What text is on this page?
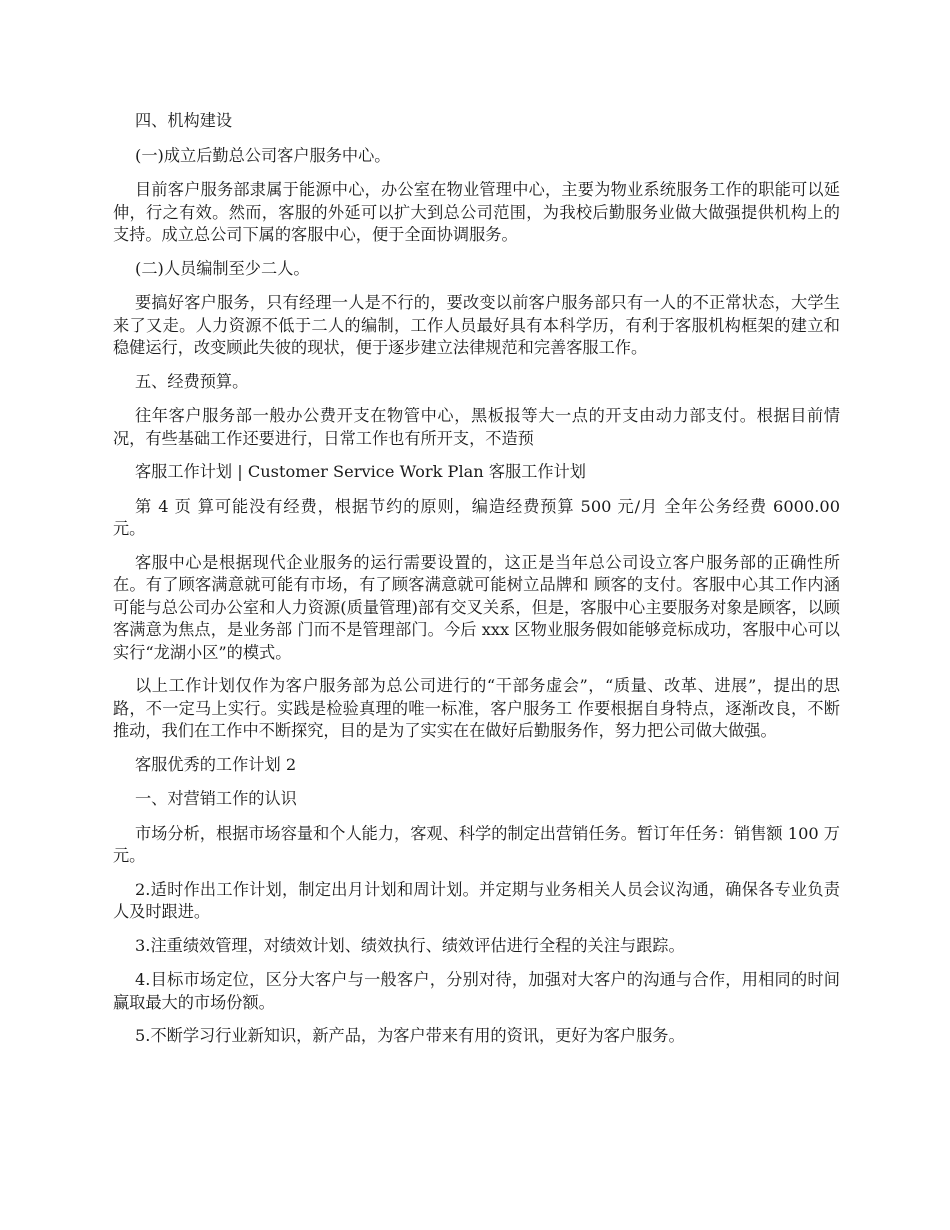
四、机构建设

(一)成立后勤总公司客户服务中心。

目前客户服务部隶属于能源中心，办公室在物业管理中心，主要为物业系统服务工作的职能可以延伸，行之有效。然而，客服的外延可以扩大到总公司范围，为我校后勤服务业做大做强提供机构上的支持。成立总公司下属的客服中心，便于全面协调服务。

(二)人员编制至少二人。

要搞好客户服务，只有经理一人是不行的，要改变以前客户服务部只有一人的不正常状态，大学生来了又走。人力资源不低于二人的编制，工作人员最好具有本科学历，有利于客服机构框架的建立和稳健运行，改变顾此失彼的现状，便于逐步建立法律规范和完善客服工作。

五、经费预算。

往年客户服务部一般办公费开支在物管中心，黑板报等大一点的开支由动力部支付。根据目前情况，有些基础工作还要进行，日常工作也有所开支，不造预

客服工作计划 | Customer Service Work Plan 客服工作计划

第 4 页 算可能没有经费，根据节约的原则，编造经费预算 500 元/月 全年公务经费 6000.00 元。

客服中心是根据现代企业服务的运行需要设置的，这正是当年总公司设立客户服务部的正确性所在。有了顾客满意就可能有市场，有了顾客满意就可能树立品牌和 顾客的支付。客服中心其工作内涵可能与总公司办公室和人力资源(质量管理)部有交叉关系，但是，客服中心主要服务对象是顾客，以顾客满意为焦点，是业务部 门而不是管理部门。今后 xxx 区物业服务假如能够竞标成功，客服中心可以实行“龙湖小区”的模式。

以上工作计划仅作为客户服务部为总公司进行的“干部务虚会”，“质量、改革、进展”，提出的思路，不一定马上实行。实践是检验真理的唯一标准，客户服务工 作要根据自身特点，逐渐改良，不断推动，我们在工作中不断探究，目的是为了实实在在做好后勤服务作，努力把公司做大做强。

客服优秀的工作计划 2

一、对营销工作的认识

市场分析，根据市场容量和个人能力，客观、科学的制定出营销任务。暂订年任务：销售额 100 万元。

2.适时作出工作计划，制定出月计划和周计划。并定期与业务相关人员会议沟通，确保各专业负责人及时跟进。

3.注重绩效管理，对绩效计划、绩效执行、绩效评估进行全程的关注与跟踪。

4.目标市场定位，区分大客户与一般客户，分别对待，加强对大客户的沟通与合作，用相同的时间赢取最大的市场份额。

5.不断学习行业新知识，新产品，为客户带来有用的资讯，更好为客户服务。
